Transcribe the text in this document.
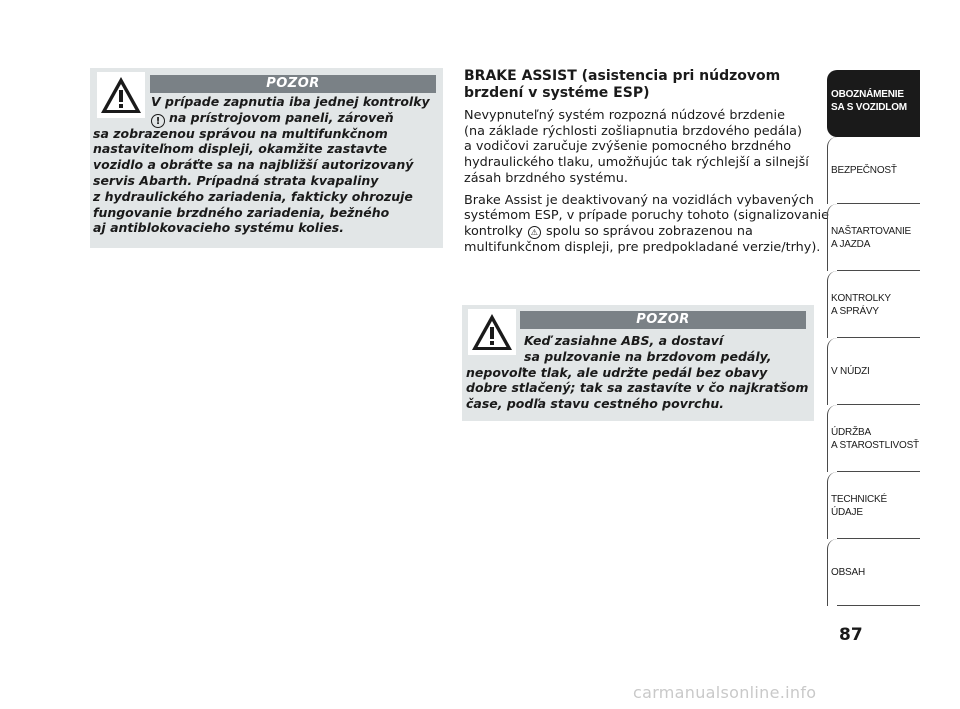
POZOR
V prípade zapnutia iba jednej kontrolky
! na prístrojovom paneli, zároveň
sa zobrazenou správou na multifunkčnom
nastaviteľnom displeji, okamžite zastavte
vozidlo a obráťte sa na najbližší autorizovaný
servis Abarth. Prípadná strata kvapaliny
z hydraulického zariadenia, fakticky ohrozuje
fungovanie brzdného zariadenia, bežného
aj antiblokovacieho systému kolies.
BRAKE ASSIST (asistencia pri núdzovom
brzdení v systéme ESP)
Nevypnuteľný systém rozpozná núdzové brzdenie
(na základe rýchlosti zošliapnutia brzdového pedála)
a vodičovi zaručuje zvýšenie pomocného brzdného
hydraulického tlaku, umožňujúc tak rýchlejší a silnejší
zásah brzdného systému.
Brake Assist je deaktivovaný na vozidlách vybavených
systémom ESP, v prípade poruchy tohoto (signalizovanie
kontrolky ⚠ spolu so správou zobrazenou na
multifunkčnom displeji, pre predpokladané verzie/trhy).
POZOR
Keď zasiahne ABS, a dostaví
sa pulzovanie na brzdovom pedály,
nepovoľte tlak, ale udržte pedál bez obavy
dobre stlačený; tak sa zastavíte v čo najkratšom
čase, podľa stavu cestného povrchu.
OBOZNÁMENIE
SA S VOZIDLOM
BEZPEČNOSŤ
NAŠTARTOVANIE
A JAZDA
KONTROLKY
A SPRÁVY
V NÚDZI
ÚDRŽBA
A STAROSTLIVOSŤ
TECHNICKÉ
ÚDAJE
OBSAH
87
carmanualsonline.info
